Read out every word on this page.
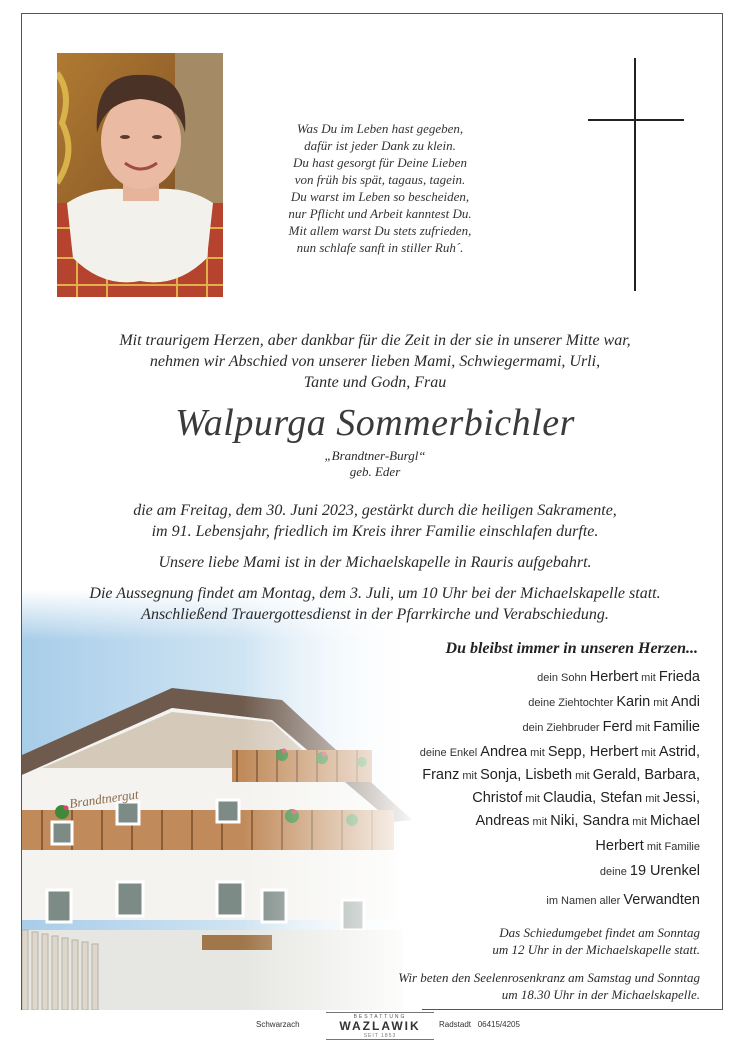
Was Du im Leben hast gegeben,
dafür ist jeder Dank zu klein.
Du hast gesorgt für Deine Lieben
von früh bis spät, tagaus, tagein.
Du warst im Leben so bescheiden,
nur Pflicht und Arbeit kanntest Du.
Mit allem warst Du stets zufrieden,
nun schlafe sanft in stiller Ruh´.
Mit traurigem Herzen, aber dankbar für die Zeit in der sie in unserer Mitte war,
nehmen wir Abschied von unserer lieben Mami, Schwiegermami, Urli,
Tante und Godn, Frau
Walpurga Sommerbichler
„Brandtner-Burgl“
geb. Eder
die am Freitag, dem 30. Juni 2023, gestärkt durch die heiligen Sakramente,
im 91. Lebensjahr, friedlich im Kreis ihrer Familie einschlafen durfte.
Unsere liebe Mami ist in der Michaelskapelle in Rauris aufgebahrt.
Die Aussegnung findet am Montag, dem 3. Juli, um 10 Uhr bei der Michaelskapelle statt.
Anschließend Trauergottesdienst in der Pfarrkirche und Verabschiedung.
Du bleibst immer in unseren Herzen...
dein Sohn Herbert mit Frieda
deine Ziehtochter Karin mit Andi
dein Ziehbruder Ferd mit Familie
deine Enkel Andrea mit Sepp, Herbert mit Astrid,
Franz mit Sonja, Lisbeth mit Gerald, Barbara,
Christof mit Claudia, Stefan mit Jessi,
Andreas mit Niki, Sandra mit Michael
Herbert mit Familie
deine 19 Urenkel
im Namen aller Verwandten
Das Schiedumgebet findet am Sonntag
um 12 Uhr in der Michaelskapelle statt.
Wir beten den Seelenrosenkranz am Samstag und Sonntag
um 18.30 Uhr in der Michaelskapelle.
Schwarzach
BESTATTUNG
WAZLAWIK
SEIT 1853
Radstadt   06415/4205
